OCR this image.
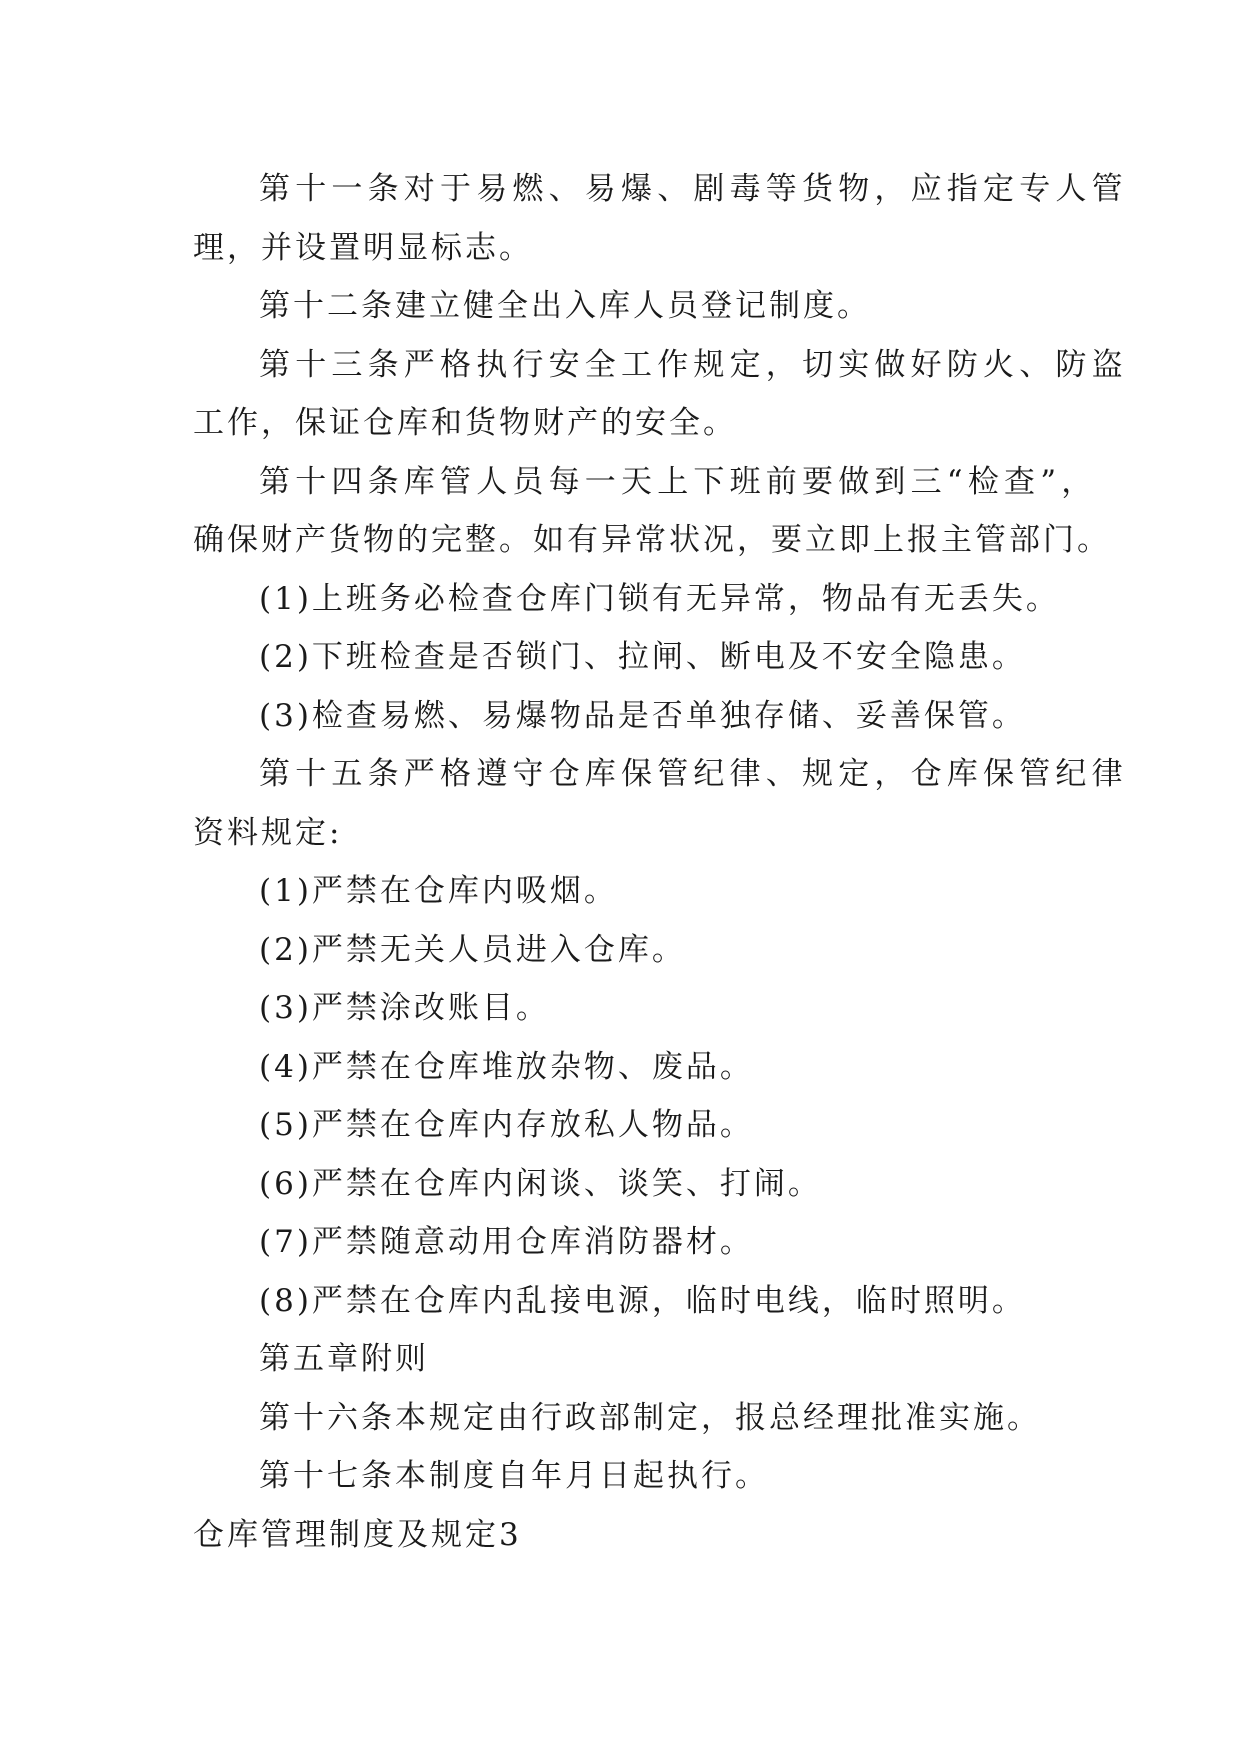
第十一条对于易燃、易爆、剧毒等货物，应指定专人管
理，并设置明显标志。
第十二条建立健全出入库人员登记制度。
第十三条严格执行安全工作规定，切实做好防火、防盗
工作，保证仓库和货物财产的安全。
第十四条库管人员每一天上下班前要做到三“检查”，
确保财产货物的完整。如有异常状况，要立即上报主管部门。
(1)上班务必检查仓库门锁有无异常，物品有无丢失。
(2)下班检查是否锁门、拉闸、断电及不安全隐患。
(3)检查易燃、易爆物品是否单独存储、妥善保管。
第十五条严格遵守仓库保管纪律、规定，仓库保管纪律
资料规定:
(1)严禁在仓库内吸烟。
(2)严禁无关人员进入仓库。
(3)严禁涂改账目。
(4)严禁在仓库堆放杂物、废品。
(5)严禁在仓库内存放私人物品。
(6)严禁在仓库内闲谈、谈笑、打闹。
(7)严禁随意动用仓库消防器材。
(8)严禁在仓库内乱接电源，临时电线，临时照明。
第五章附则
第十六条本规定由行政部制定，报总经理批准实施。
第十七条本制度自年月日起执行。
仓库管理制度及规定3
